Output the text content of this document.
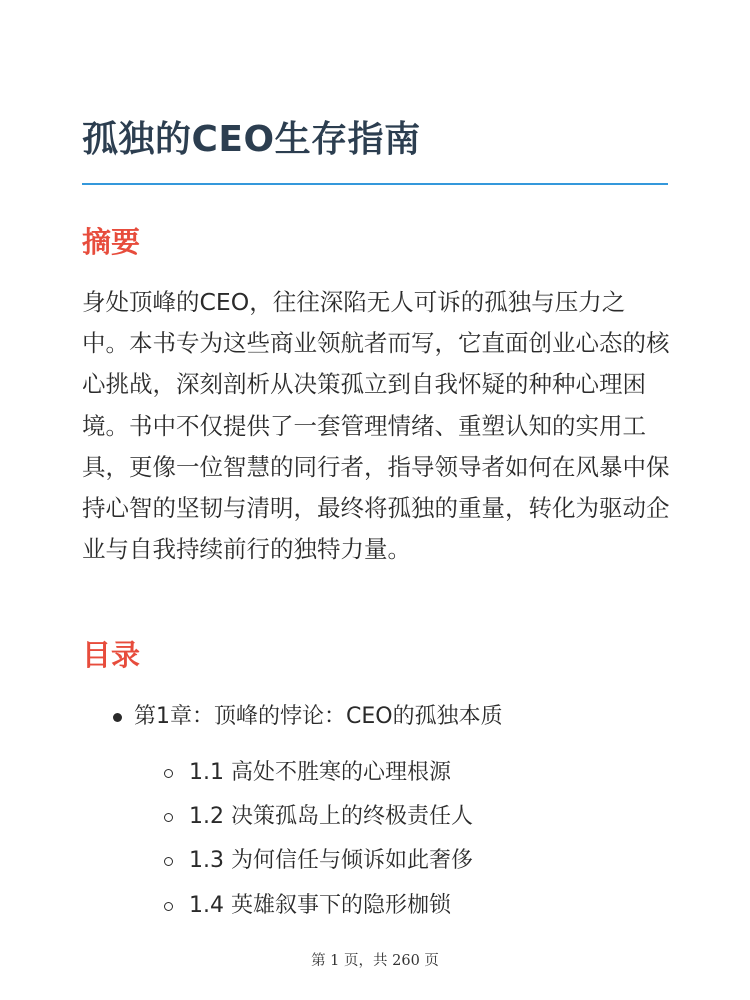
孤独的CEO生存指南
摘要

身处顶峰的CEO，往往深陷无人可诉的孤独与压力之中。本书专为这些商业领航者而写，它直面创业心态的核心挑战，深刻剖析从决策孤立到自我怀疑的种种心理困境。书中不仅提供了一套管理情绪、重塑认知的实用工具，更像一位智慧的同行者，指导领导者如何在风暴中保持心智的坚韧与清明，最终将孤独的重量，转化为驱动企业与自我持续前行的独特力量。

目录
第1章：顶峰的悖论：CEO的孤独本质
1.1 高处不胜寒的心理根源
1.2 决策孤岛上的终极责任人
1.3 为何信任与倾诉如此奢侈
1.4 英雄叙事下的隐形枷锁
第 1 页，共 260 页
